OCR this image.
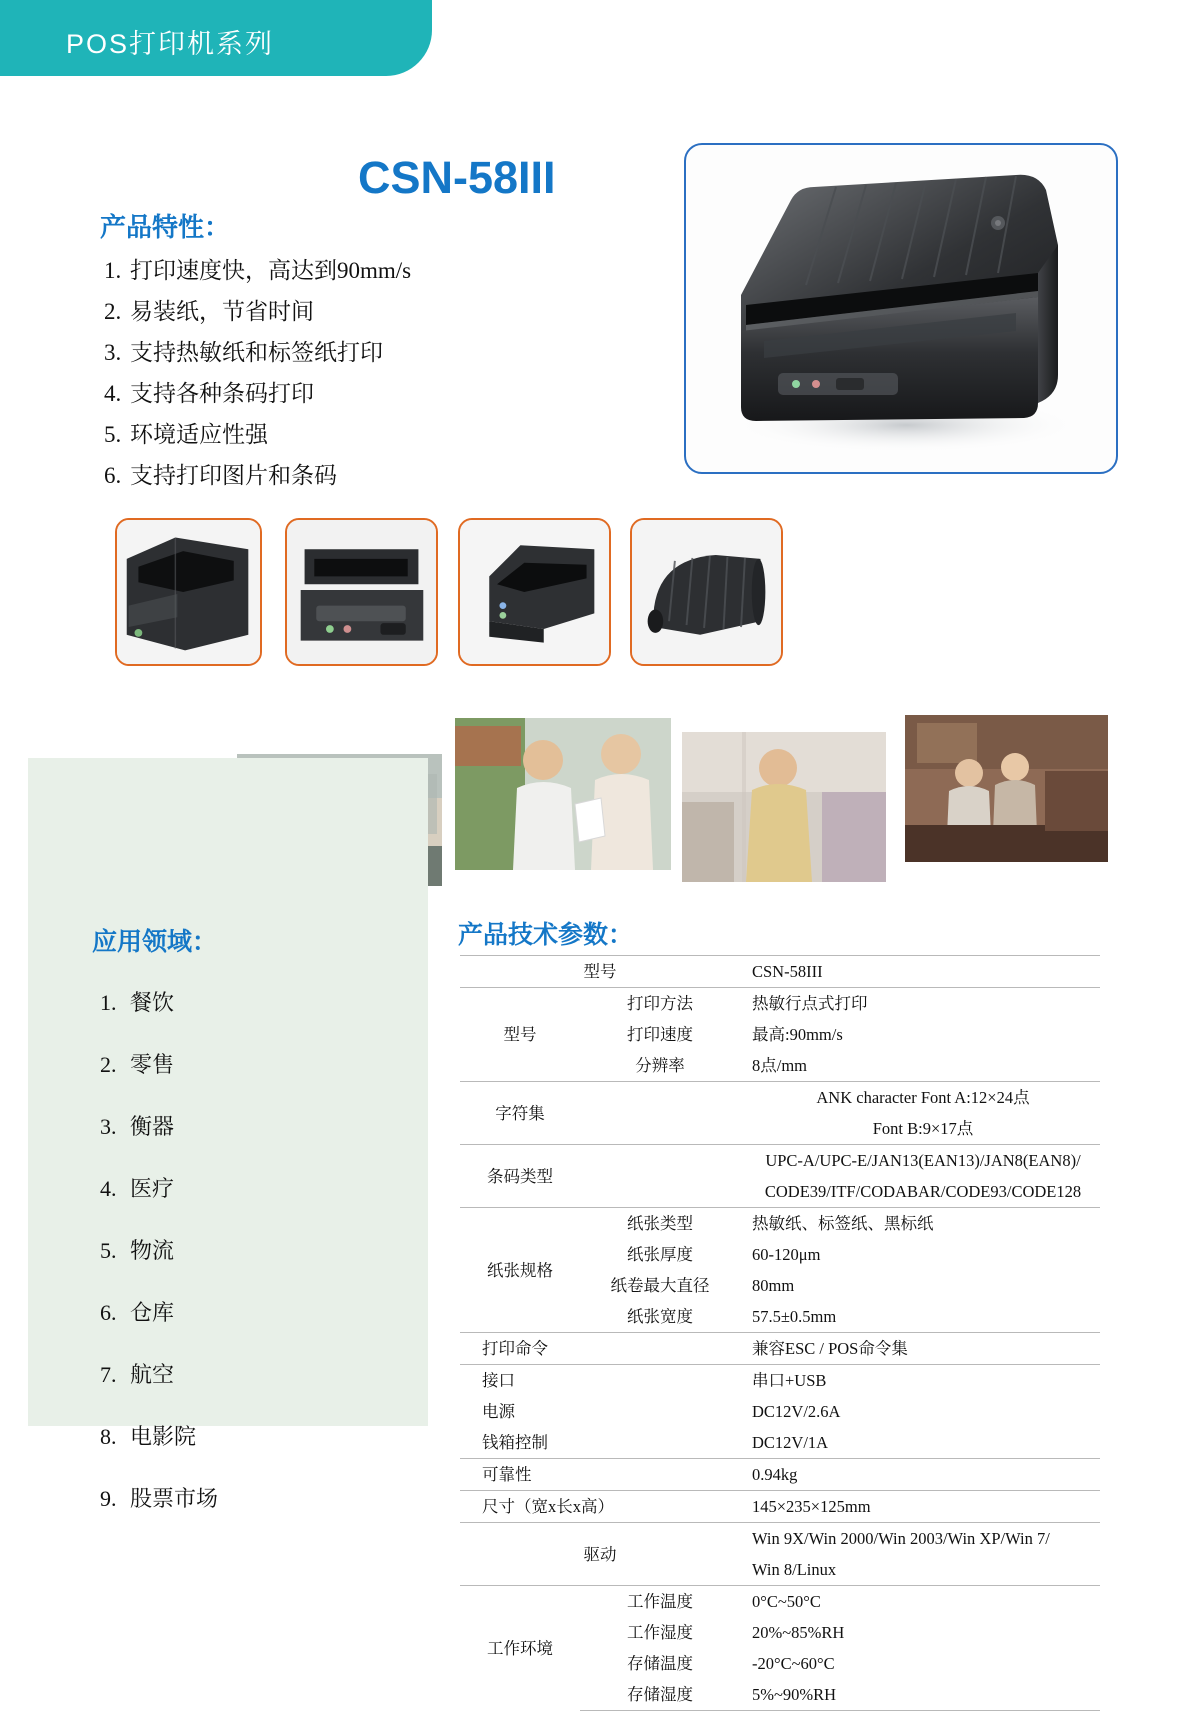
POS打印机系列
CSN-58III
产品特性：
1. 打印速度快，高达到90mm/s
2. 易装纸，节省时间
3. 支持热敏纸和标签纸打印
4. 支持各种条码打印
5. 环境适应性强
6. 支持打印图片和条码
应用领域：
1. 餐饮
2. 零售
3. 衡器
4. 医疗
5. 物流
6. 仓库
7. 航空
8. 电影院
9. 股票市场
产品技术参数：
型号		CSN-58III
型号	打印方法	热敏行点式打印
	打印速度	最高:90mm/s
	分辨率	8点/mm
字符集		ANK character Font A:12×24点
		Font B:9×17点
条码类型		UPC-A/UPC-E/JAN13(EAN13)/JAN8(EAN8)/
		CODE39/ITF/CODABAR/CODE93/CODE128
纸张规格	纸张类型	热敏纸、标签纸、黑标纸
	纸张厚度	60-120μm
	纸卷最大直径	80mm
	纸张宽度	57.5±0.5mm
打印命令		兼容ESC / POS命令集
接口		串口+USB
电源		DC12V/2.6A
钱箱控制		DC12V/1A
可靠性		0.94kg
尺寸（宽x长x高）		145×235×125mm
驱动		Win 9X/Win 2000/Win 2003/Win XP/Win 7/
		Win 8/Linux
工作环境	工作温度	0°C~50°C
	工作湿度	20%~85%RH
	存储温度	-20°C~60°C
	存储湿度	5%~90%RH
